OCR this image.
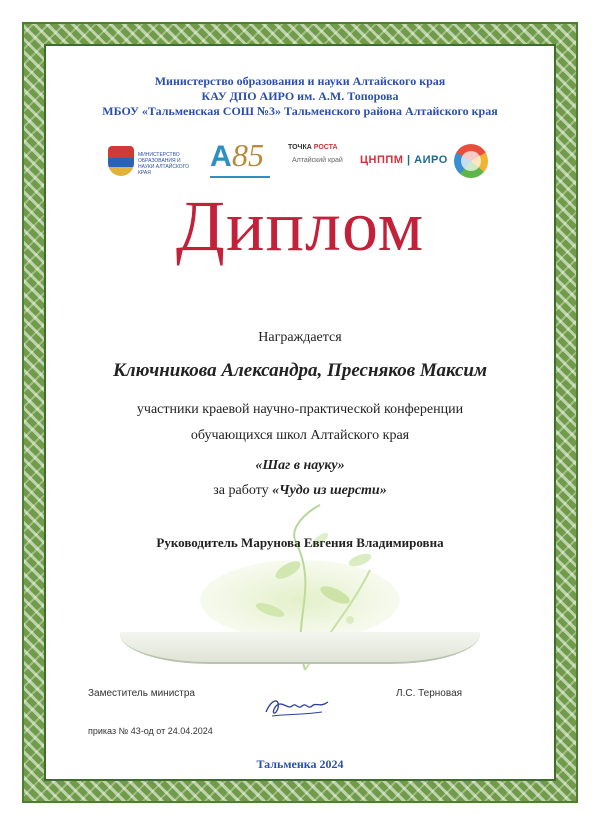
Министерство образования и науки Алтайского края
КАУ ДПО АИРО им. А.М. Топорова
МБОУ «Тальменская СОШ №3» Тальменского района Алтайского края
МИНИСТЕРСТВО ОБРАЗОВАНИЯ И НАУКИ АЛТАЙСКОГО КРАЯ	А 85	ТОЧКА РОСТА
Алтайский край ЦНППМ | АИРО
Диплом
Награждается
Ключникова Александра, Пресняков Максим
участники краевой научно-практической конференции
обучающихся школ Алтайского края
«Шаг в науку»
за работу «Чудо из шерсти»
Руководитель Марунова Евгения Владимировна
Заместитель министра	Л.С. Терновая
приказ № 43-од от 24.04.2024
Тальменка 2024
